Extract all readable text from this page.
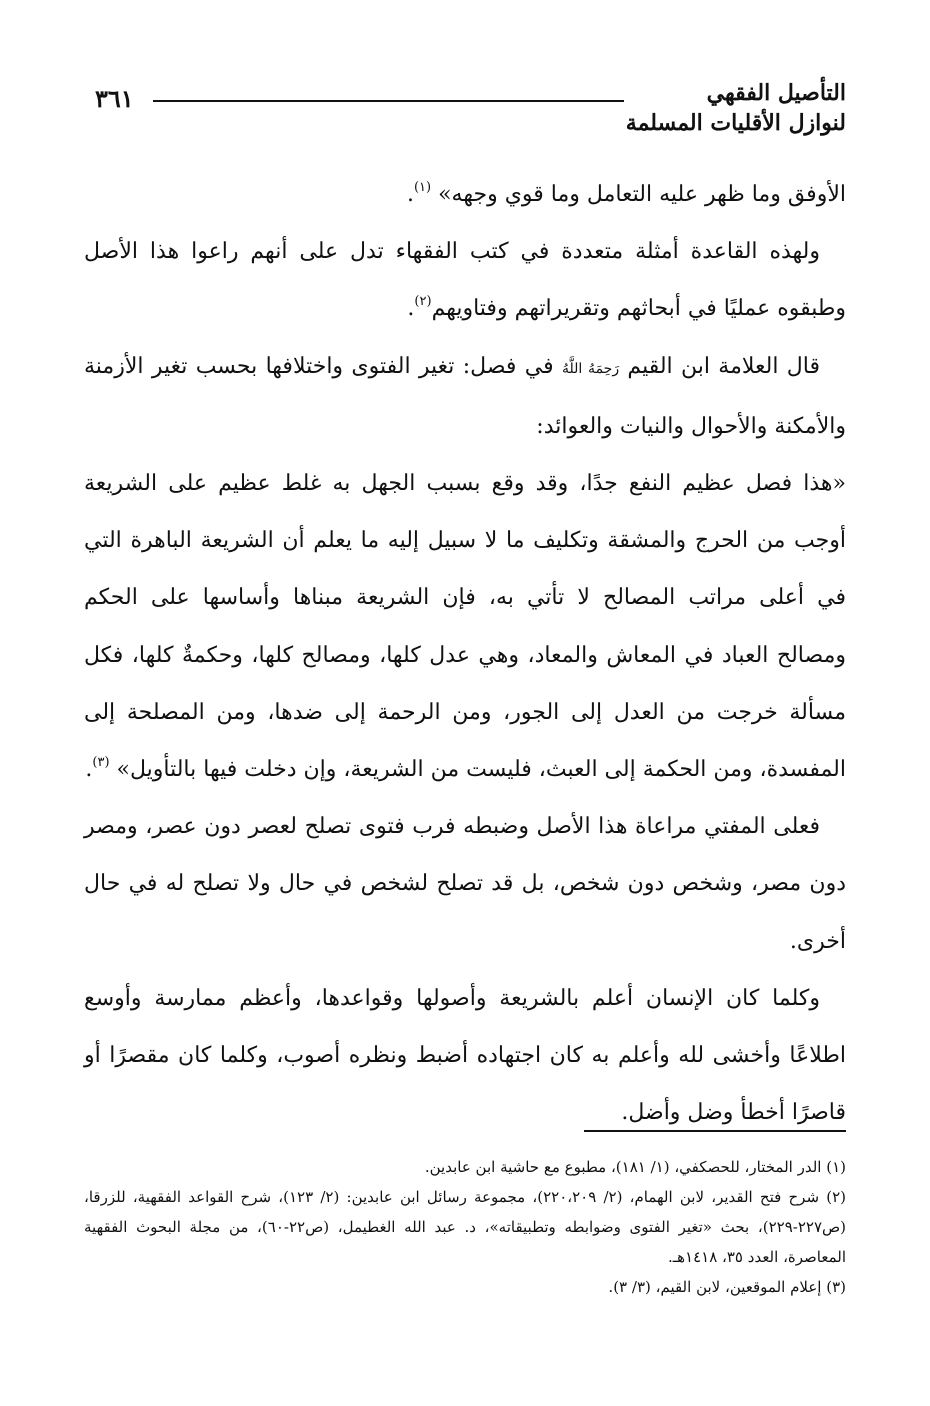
التأصيل الفقهي
لنوازل الأقليات المسلمة
٣٦١

الأوفق وما ظهر عليه التعامل وما قوي وجهه» $^{(١)}$.

ولهذه القاعدة أمثلة متعددة في كتب الفقهاء تدل على أنهم راعوا هذا الأصل وطبقوه عمليًا في أبحاثهم وتقريراتهم وفتاويهم$^{(٢)}$.

قال العلامة ابن القيم رَحِمَهُ اللَّهُ في فصل: تغير الفتوى واختلافها بحسب تغير الأزمنة والأمكنة والأحوال والنيات والعوائد:

«هذا فصل عظيم النفع جدًا، وقد وقع بسبب الجهل به غلط عظيم على الشريعة أوجب من الحرج والمشقة وتكليف ما لا سبيل إليه ما يعلم أن الشريعة الباهرة التي في أعلى مراتب المصالح لا تأتي به، فإن الشريعة مبناها وأساسها على الحكم ومصالح العباد في المعاش والمعاد، وهي عدل كلها، ومصالح كلها، وحكمةٌ كلها، فكل مسألة خرجت من العدل إلى الجور، ومن الرحمة إلى ضدها، ومن المصلحة إلى المفسدة، ومن الحكمة إلى العبث، فليست من الشريعة، وإن دخلت فيها بالتأويل» $^{(٣)}$.

فعلى المفتي مراعاة هذا الأصل وضبطه فرب فتوى تصلح لعصر دون عصر، ومصر دون مصر، وشخص دون شخص، بل قد تصلح لشخص في حال ولا تصلح له في حال أخرى.

وكلما كان الإنسان أعلم بالشريعة وأصولها وقواعدها، وأعظم ممارسة وأوسع اطلاعًا وأخشى لله وأعلم به كان اجتهاده أضبط ونظره أصوب، وكلما كان مقصرًا أو قاصرًا أخطأ وضل وأضل.

(١) الدر المختار، للحصكفي، (١/ ١٨١)، مطبوع مع حاشية ابن عابدين.

(٢) شرح فتح القدير، لابن الهمام، (٢/ ٢٢٠،٢٠٩)، مجموعة رسائل ابن عابدين: (٢/ ١٢٣)، شرح القواعد الفقهية، للزرقا، (ص٢٢٧-٢٢٩)، بحث «تغير الفتوى وضوابطه وتطبيقاته»، د. عبد الله الغطيمل، (ص٢٢-٦٠)، من مجلة البحوث الفقهية المعاصرة، العدد ٣٥، ١٤١٨هـ.

(٣) إعلام الموقعين، لابن القيم، (٣/ ٣).
